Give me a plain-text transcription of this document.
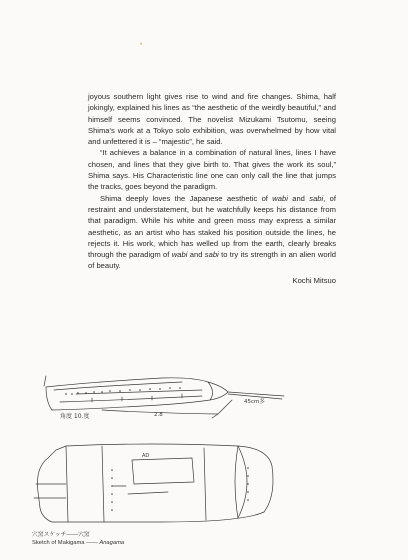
❜

joyous southern light gives rise to wind and fire changes. Shima, half jokingly, explained his lines as “the aesthetic of the weirdly beautiful,” and himself seems convinced. The novelist Mizukami Tsutomu, seeing Shima's work at a Tokyo solo exhibition, was overwhelmed by how vital and unfettered it is – “majestic”, he said.

“It achieves a balance in a combination of natural lines, lines I have chosen, and lines that they give birth to. That gives the work its soul,” Shima says. His Characteristic line one can only call the line that jumps the tracks, goes beyond the paradigm.

Shima deeply loves the Japanese aesthetic of wabi and sabi, of restraint and understatement, but he watchfully keeps his distance from that paradigm. While his white and green moss may express a similar aesthetic, as an artist who has staked his position outside the lines, he rejects it. His work, which has welled up from the earth, clearly breaks through the paradigm of wabi and sabi to try its strength in an alien world of beauty.

Kochi Mitsuo

角度 10.度	2.8
45cm多
AD
穴窯スケッチ――穴窯
Sketch of Makigama ―― Anagama
